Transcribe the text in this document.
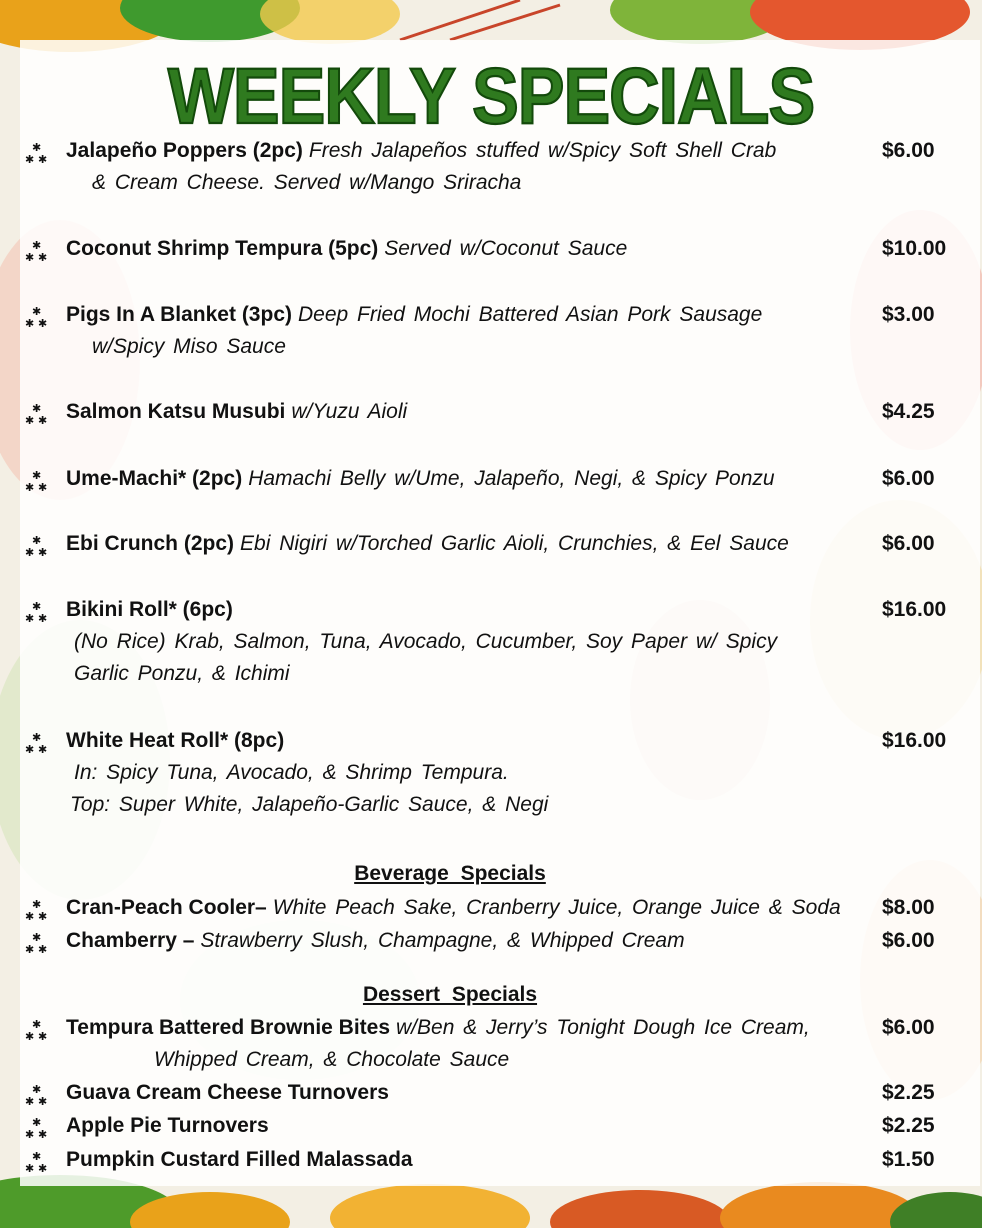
WEEKLY SPECIALS
✱
✱ ✱ Jalapeño Poppers (2pc) Fresh Jalapeños stuffed w/Spicy Soft Shell Crab
& Cream Cheese. Served w/Mango Sriracha
$6.00
✱
✱ ✱ Coconut Shrimp Tempura (5pc) Served w/Coconut Sauce	$10.00
✱
✱ ✱ Pigs In A Blanket (3pc) Deep Fried Mochi Battered Asian Pork Sausage
w/Spicy Miso Sauce
$3.00
✱
✱ ✱ Salmon Katsu Musubi w/Yuzu Aioli	$4.25
✱
✱ ✱ Ume-Machi* (2pc) Hamachi Belly w/Ume, Jalapeño, Negi, & Spicy Ponzu	$6.00
✱
✱ ✱ Ebi Crunch (2pc) Ebi Nigiri w/Torched Garlic Aioli, Crunchies, & Eel Sauce	$6.00
✱
✱ ✱ Bikini Roll* (6pc)
(No Rice) Krab, Salmon, Tuna, Avocado, Cucumber, Soy Paper w/ Spicy
Garlic Ponzu, & Ichimi
$16.00
✱
✱ ✱ White Heat Roll* (8pc)
In: Spicy Tuna, Avocado, & Shrimp Tempura.
Top: Super White, Jalapeño-Garlic Sauce, & Negi
$16.00
Beverage Specials
✱
✱ ✱ Cran-Peach Cooler– White Peach Sake, Cranberry Juice, Orange Juice & Soda $8.00
✱
✱ ✱ Chamberry – Strawberry Slush, Champagne, & Whipped Cream	$6.00
Dessert Specials
✱
✱ ✱ Tempura Battered Brownie Bites w/Ben & Jerry’s Tonight Dough Ice Cream,
Whipped Cream, & Chocolate Sauce
$6.00
✱
✱ ✱ Guava Cream Cheese Turnovers	$2.25
✱
✱ ✱ Apple Pie Turnovers	$2.25
✱
✱ ✱ Pumpkin Custard Filled Malassada	$1.50
